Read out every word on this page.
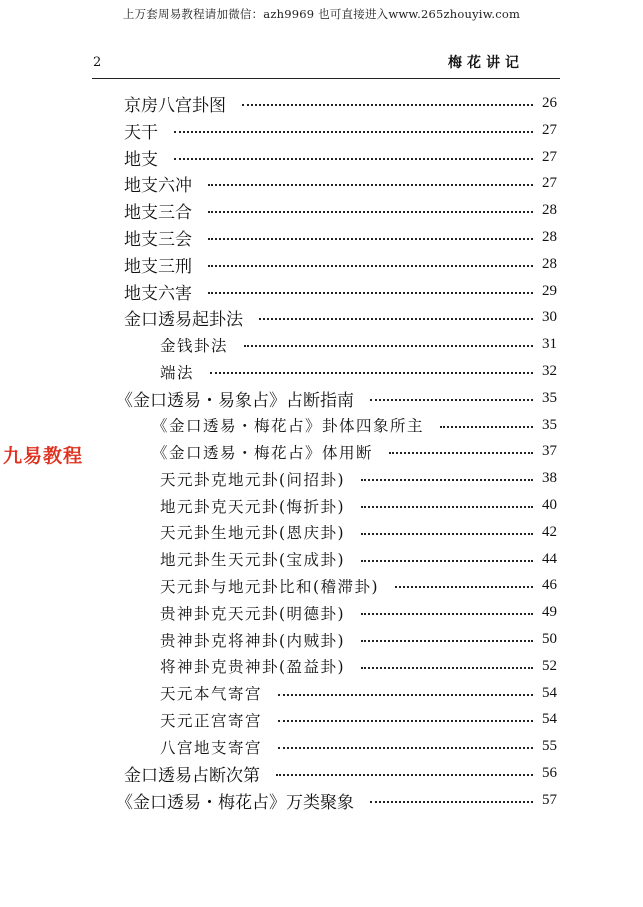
上万套周易教程请加微信：azh9969 也可直接进入www.265zhouyiw.com
2	梅花讲记
九易教程
京房八宫卦图	26
天干	27
地支	27
地支六冲	27
地支三合	28
地支三会	28
地支三刑	28
地支六害	29
金口透易起卦法	30
金钱卦法	31
端法	32
《金口透易・易象占》占断指南	35
《金口透易・梅花占》卦体四象所主	35
《金口透易・梅花占》体用断	37
天元卦克地元卦(问招卦)	38
地元卦克天元卦(悔折卦)	40
天元卦生地元卦(恩庆卦)	42
地元卦生天元卦(宝成卦)	44
天元卦与地元卦比和(稽滞卦)	46
贵神卦克天元卦(明德卦)	49
贵神卦克将神卦(内贼卦)	50
将神卦克贵神卦(盈益卦)	52
天元本气寄宫	54
天元正宫寄宫	54
八宫地支寄宫	55
金口透易占断次第	56
《金口透易・梅花占》万类聚象	57
